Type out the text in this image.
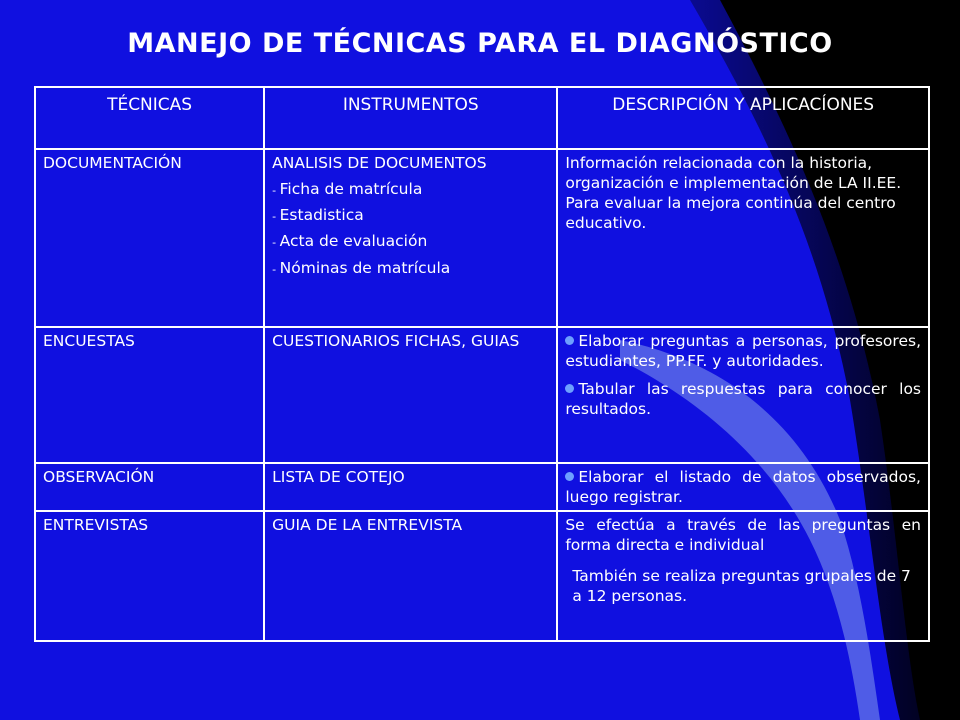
MANEJO DE TÉCNICAS PARA EL DIAGNÓSTICO
TÉCNICAS	INSTRUMENTOS	DESCRIPCIÓN Y APLICACÍONES
DOCUMENTACIÓN	ANALISIS DE DOCUMENTOS
- Ficha de matrícula
- Estadistica
- Acta de evaluación
- Nóminas de matrícula	Información relacionada con la historia, organización e implementación de LA II.EE. Para evaluar la mejora continúa del centro educativo.
ENCUESTAS	CUESTIONARIOS FICHAS, GUIAS	Elaborar preguntas a personas, profesores, estudiantes, PP.FF. y autoridades.
Tabular las respuestas para conocer los resultados.

OBSERVACIÓN	LISTA DE COTEJO	Elaborar el listado de datos observados, luego registrar.

ENTREVISTAS	GUIA DE LA ENTREVISTA	Se efectúa a través de las preguntas en forma directa e individual
También se realiza preguntas grupales de 7 a 12 personas.
